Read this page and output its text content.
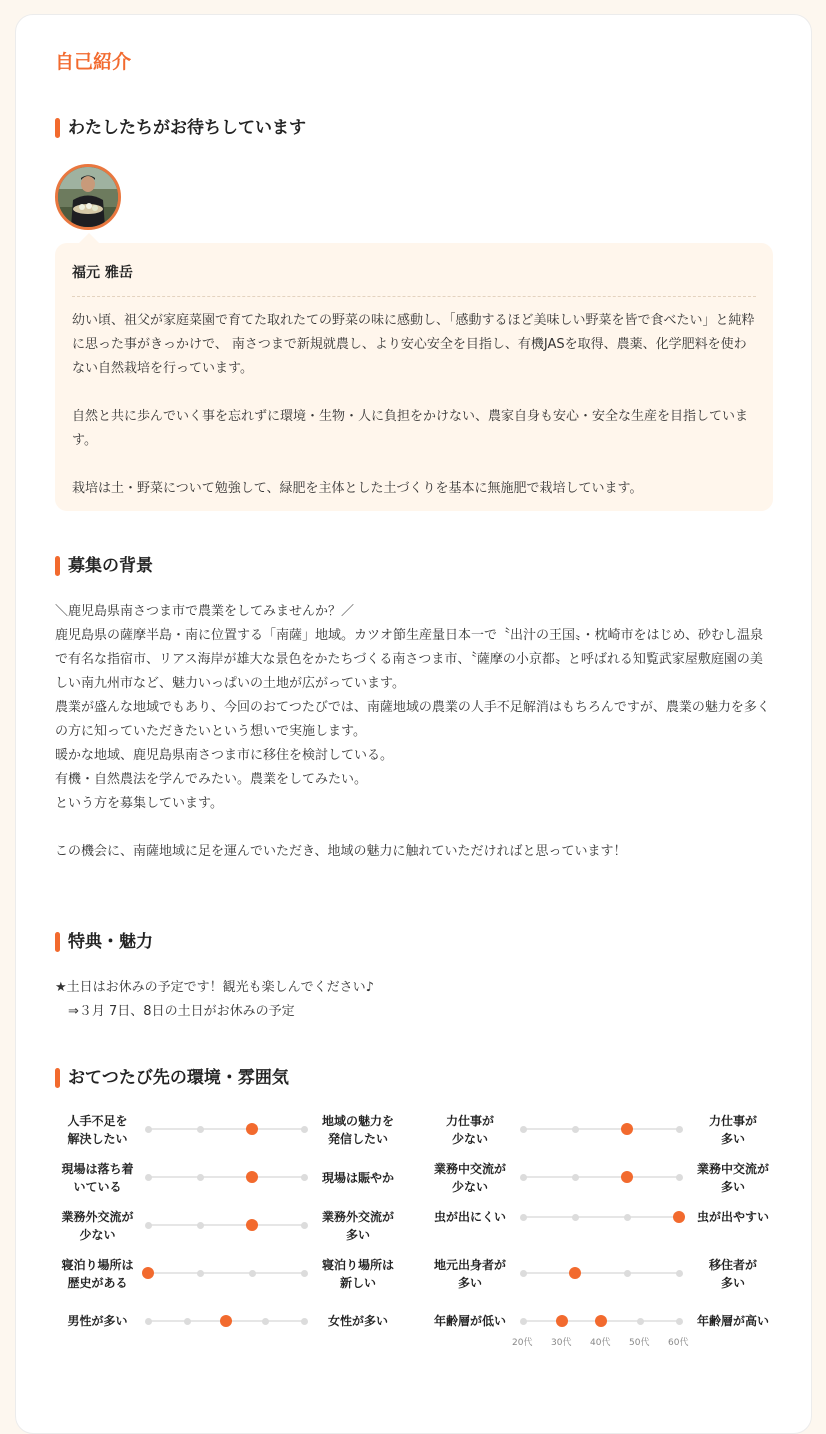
自己紹介
わたしたちがお待ちしています
福元 雅岳

幼い頃、祖父が家庭菜園で育てた取れたての野菜の味に感動し、「感動するほど美味しい野菜を皆で食べたい」と純粋に思った事がきっかけで、 南さつまで新規就農し、より安心安全を目指し、有機JASを取得、農薬、化学肥料を使わない自然栽培を行っています。

自然と共に歩んでいく事を忘れずに環境・生物・人に負担をかけない、農家自身も安心・安全な生産を目指しています。

栽培は土・野菜について勉強して、緑肥を主体とした土づくりを基本に無施肥で栽培しています。

募集の背景

＼鹿児島県南さつま市で農業をしてみませんか？／

鹿児島県の薩摩半島・南に位置する「南薩」地域。カツオ節生産量日本一で〝出汁の王国〟・枕崎市をはじめ、砂むし温泉で有名な指宿市、リアス海岸が雄大な景色をかたちづくる南さつま市、〝薩摩の小京都〟と呼ばれる知覧武家屋敷庭園の美しい南九州市など、魅力いっぱいの土地が広がっています。

農業が盛んな地域でもあり、今回のおてつたびでは、南薩地域の農業の人手不足解消はもちろんですが、農業の魅力を多くの方に知っていただきたいという想いで実施します。

暖かな地域、鹿児島県南さつま市に移住を検討している。

有機・自然農法を学んでみたい。農業をしてみたい。

という方を募集しています。

この機会に、南薩地域に足を運んでいただき、地域の魅力に触れていただければと思っています！

特典・魅力

★土日はお休みの予定です！観光も楽しんでください♪

　⇒３月 7日、8日の土日がお休みの予定

おてつたび先の環境・雰囲気
人手不足を
解決したい
地域の魅力を
発信したい
現場は落ち着
いている
現場は賑やか
業務外交流が
少ない
業務外交流が
多い
寝泊り場所は
歴史がある
寝泊り場所は
新しい
男性が多い	女性が多い
力仕事が
少ない
力仕事が
多い
業務中交流が
少ない
業務中交流が
多い
虫が出にくい	虫が出やすい
地元出身者が
多い
移住者が
多い
年齢層が低い	年齢層が高い
20代 30代 40代 50代 60代
